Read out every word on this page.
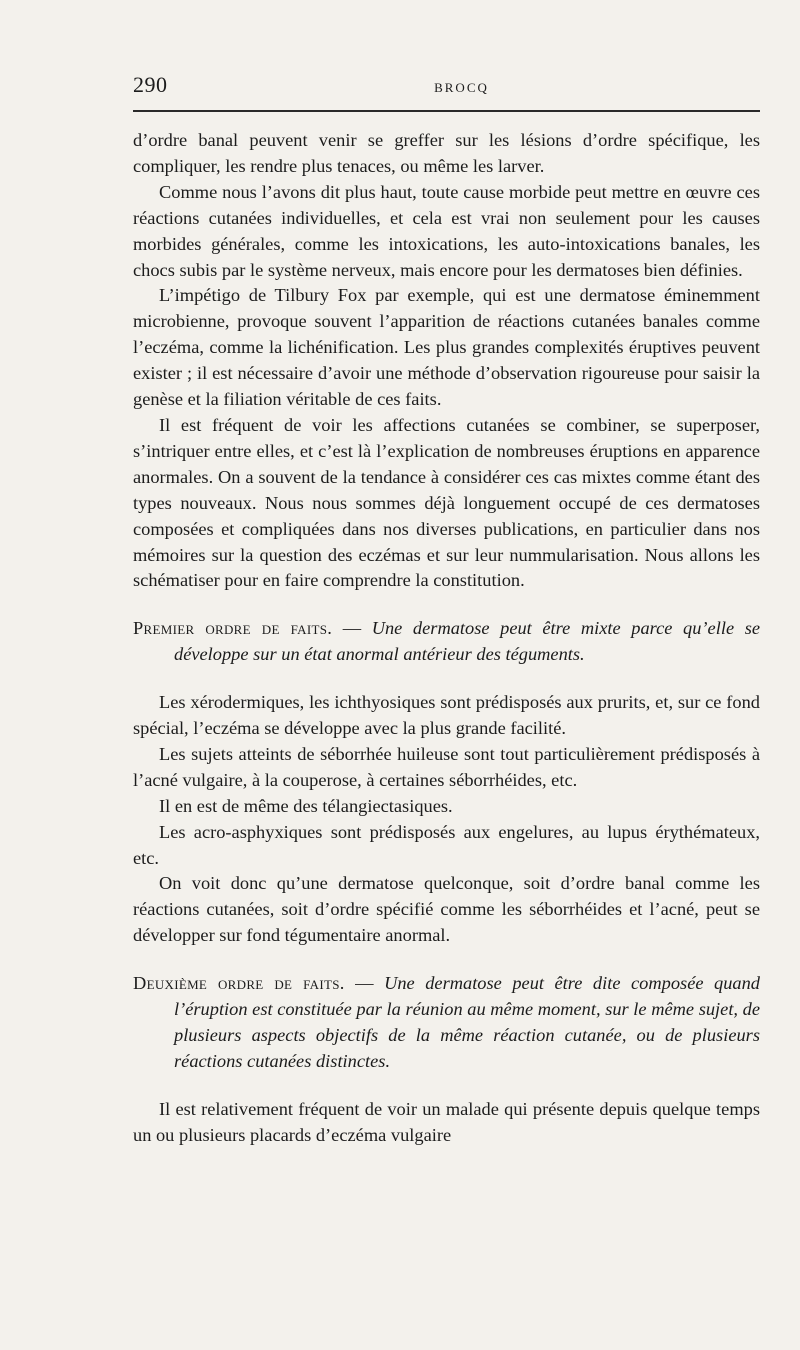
290	BROCQ

d’ordre banal peuvent venir se greffer sur les lésions d’ordre spécifique, les compliquer, les rendre plus tenaces, ou même les larver.

Comme nous l’avons dit plus haut, toute cause morbide peut mettre en œuvre ces réactions cutanées individuelles, et cela est vrai non seulement pour les causes morbides générales, comme les intoxications, les auto-intoxications banales, les chocs subis par le système nerveux, mais encore pour les dermatoses bien définies.

L’impétigo de Tilbury Fox par exemple, qui est une dermatose éminemment microbienne, provoque souvent l’apparition de réactions cutanées banales comme l’eczéma, comme la lichénification. Les plus grandes complexités éruptives peuvent exister ; il est nécessaire d’avoir une méthode d’observation rigoureuse pour saisir la genèse et la filiation véritable de ces faits.

Il est fréquent de voir les affections cutanées se combiner, se superposer, s’intriquer entre elles, et c’est là l’explication de nombreuses éruptions en apparence anormales. On a souvent de la tendance à considérer ces cas mixtes comme étant des types nouveaux. Nous nous sommes déjà longuement occupé de ces dermatoses composées et compliquées dans nos diverses publications, en particulier dans nos mémoires sur la question des eczémas et sur leur nummularisation. Nous allons les schématiser pour en faire comprendre la constitution.

Premier ordre de faits. — Une dermatose peut être mixte parce qu’elle se développe sur un état anormal antérieur des téguments.

Les xérodermiques, les ichthyosiques sont prédisposés aux prurits, et, sur ce fond spécial, l’eczéma se développe avec la plus grande facilité.

Les sujets atteints de séborrhée huileuse sont tout particulièrement prédisposés à l’acné vulgaire, à la couperose, à certaines séborrhéides, etc.

Il en est de même des télangiectasiques.

Les acro-asphyxiques sont prédisposés aux engelures, au lupus érythémateux, etc.

On voit donc qu’une dermatose quelconque, soit d’ordre banal comme les réactions cutanées, soit d’ordre spécifié comme les séborrhéides et l’acné, peut se développer sur fond tégumentaire anormal.

Deuxième ordre de faits. — Une dermatose peut être dite composée quand l’éruption est constituée par la réunion au même moment, sur le même sujet, de plusieurs aspects objectifs de la même réaction cutanée, ou de plusieurs réactions cutanées distinctes.

Il est relativement fréquent de voir un malade qui présente depuis quelque temps un ou plusieurs placards d’eczéma vulgaire
